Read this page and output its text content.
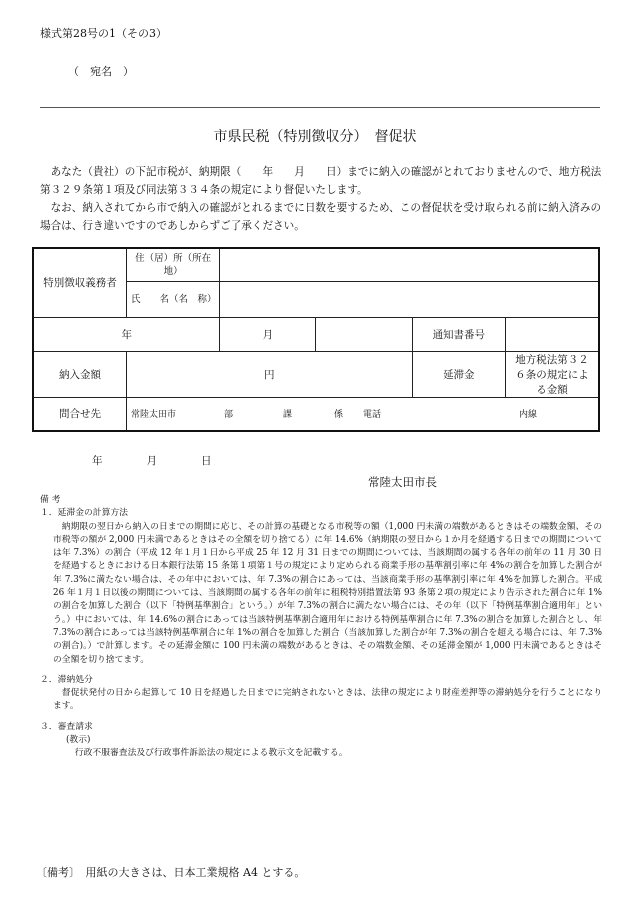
様式第28号の1（その3）
（　宛名　）
市県民税（特別徴収分）　督促状

あなた（貴社）の下記市税が、納期限（　　年　　月　　日）までに納入の確認がとれておりませんので、地方税法第３２９条第１項及び同法第３３４条の規定により督促いたします。

なお、納入されてから市で納入の確認がとれるまでに日数を要するため、この督促状を受け取られる前に納入済みの場合は、行き違いですのであしからずご了承ください。

特別徴収義務者	住（居）所（所在地）				
	氏　　名（名　称）				
年		月		通知書番号	
納入金額	円			延滞金	地方税法第３２６条の規定による金額
問合せ先	常陸太田市 部 課 係 電話 内線				
年	月	日
常陸太田市長

備 考

１．延滞金の計算方法

納期限の翌日から納入の日までの期間に応じ、その計算の基礎となる市税等の額（1,000 円未満の端数があるときはその端数金額、その市税等の額が 2,000 円未満であるときはその全額を切り捨てる）に年 14.6%（納期限の翌日から１か月を経過する日までの期間については年 7.3%）の割合（平成 12 年１月１日から平成 25 年 12 月 31 日までの期間については、当該期間の属する各年の前年の 11 月 30 日を経過するときにおける日本銀行法第 15 条第１項第１号の規定により定められる商業手形の基準割引率に年 4%の割合を加算した割合が年 7.3%に満たない場合は、その年中においては、年 7.3%の割合にあっては、当該商業手形の基準割引率に年 4%を加算した割合。平成 26 年１月１日以後の期間については、当該期間の属する各年の前年に租税特別措置法第 93 条第２項の規定により告示された割合に年 1%の割合を加算した割合（以下「特例基準割合」という。）が年 7.3%の割合に満たない場合には、その年（以下「特例基準割合適用年」という。）中においては、年 14.6%の割合にあっては当該特例基準割合適用年における特例基準割合に年 7.3%の割合を加算した割合とし、年 7.3%の割合にあっては当該特例基準割合に年 1%の割合を加算した割合（当該加算した割合が年 7.3%の割合を超える場合には、年 7.3%の割合)。）で計算します。その延滞金額に 100 円未満の端数があるときは、その端数金額、その延滞金額が 1,000 円未満であるときはその全額を切り捨てます。

２．滞納処分

督促状発付の日から起算して 10 日を経過した日までに完納されないときは、法律の規定により財産差押等の滞納処分を行うことになります。

３．審査請求

(教示)

行政不服審査法及び行政事件訴訟法の規定による教示文を記載する。

〔備考〕　用紙の大きさは、日本工業規格 A4 とする。
